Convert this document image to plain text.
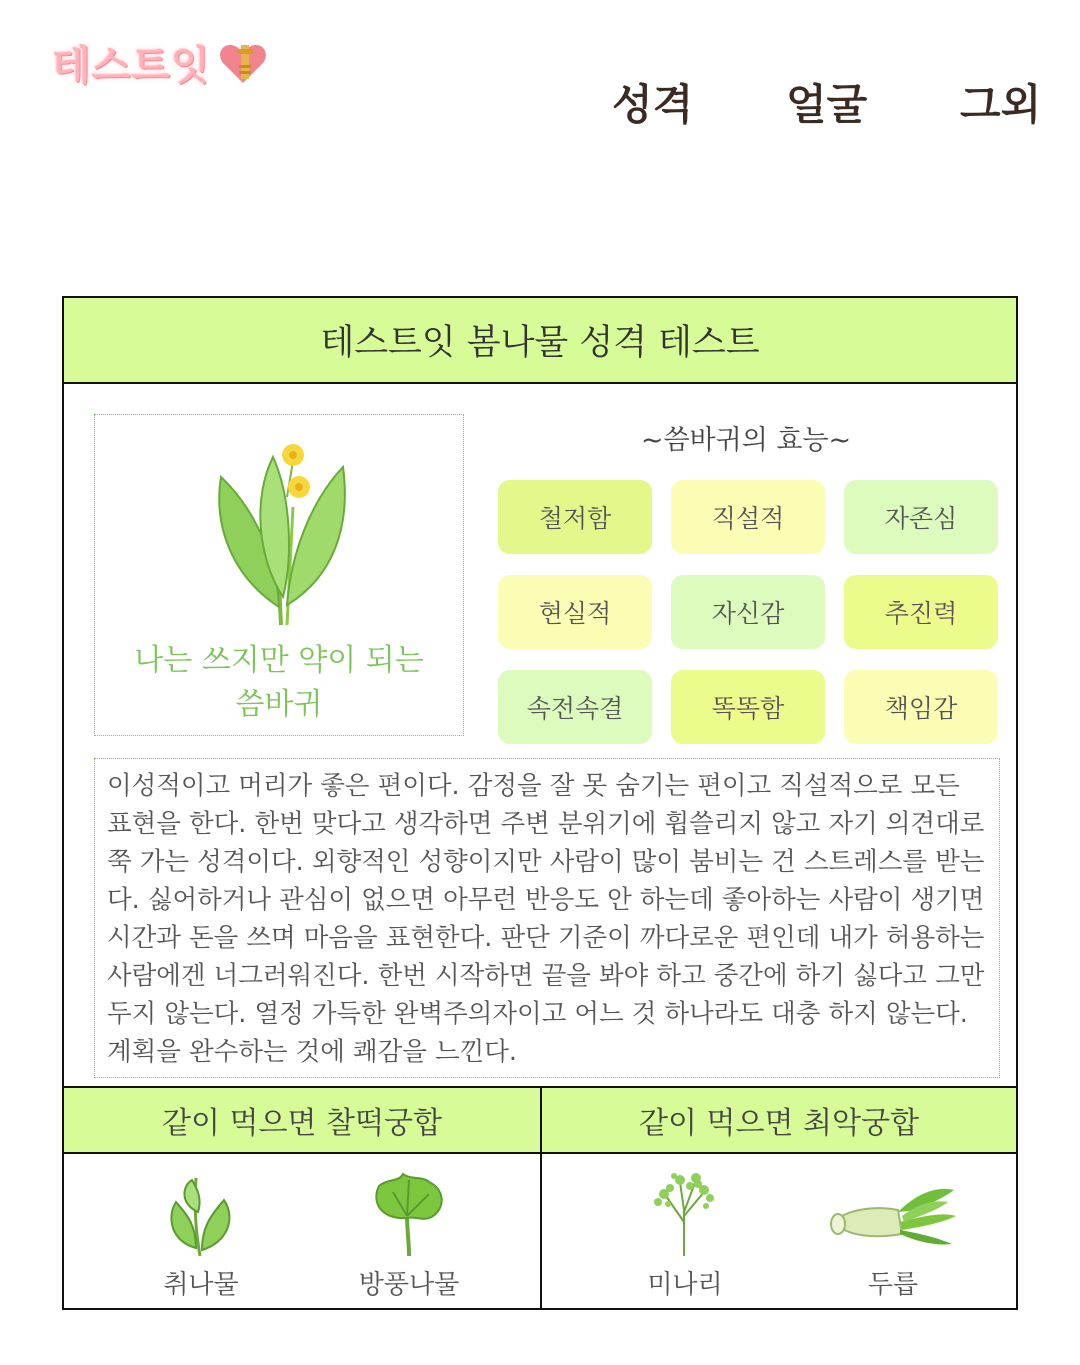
테스트잇
성격 얼굴 그외
테스트잇 봄나물 성격 테스트
나는 쓰지만 약이 되는
씀바귀
~씀바귀의 효능~
철저함	직설적	자존심
현실적	자신감	추진력
속전속결	똑똑함	책임감

이성적이고 머리가 좋은 편이다. 감정을 잘 못 숨기는 편이고 직설적으로 모든 표현을 한다. 한번 맞다고 생각하면 주변 분위기에 휩쓸리지 않고 자기 의견대로 쭉 가는 성격이다. 외향적인 성향이지만 사람이 많이 붐비는 건 스트레스를 받는다. 싫어하거나 관심이 없으면 아무런 반응도 안 하는데 좋아하는 사람이 생기면 시간과 돈을 쓰며 마음을 표현한다. 판단 기준이 까다로운 편인데 내가 허용하는 사람에겐 너그러워진다. 한번 시작하면 끝을 봐야 하고 중간에 하기 싫다고 그만두지 않는다. 열정 가득한 완벽주의자이고 어느 것 하나라도 대충 하지 않는다. 계획을 완수하는 것에 쾌감을 느낀다.

같이 먹으면 찰떡궁합	같이 먹으면 최악궁합
취나물	방풍나물	미나리	두릅
